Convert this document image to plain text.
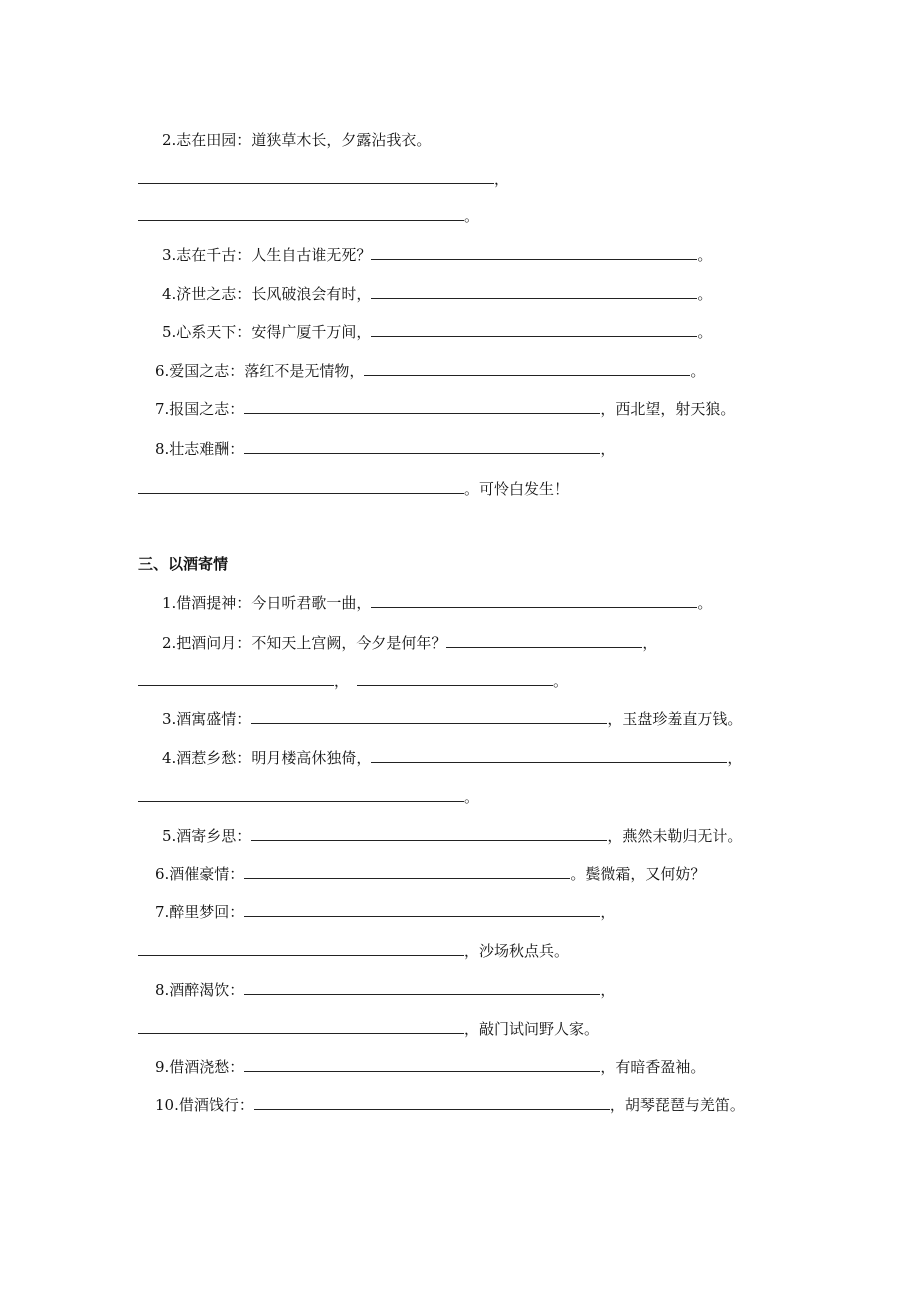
2.志在田园：道狭草木长，夕露沾我衣。
，
。
3.志在千古：人生自古谁无死？	。
4.济世之志：长风破浪会有时，	。
5.心系天下：安得广厦千万间，	。
6.爱国之志：落红不是无情物，	。
7.报国之志：	，西北望，射天狼。
8.壮志难酬：	，
。可怜白发生！
三、以酒寄情
1.借酒提神：今日听君歌一曲，	。
2.把酒问月：不知天上宫阙，今夕是何年？	，
，	。
3.酒寓盛情：	，玉盘珍羞直万钱。
4.酒惹乡愁：明月楼高休独倚，	，
。
5.酒寄乡思：	，燕然未勒归无计。
6.酒催豪情：	。鬓微霜，又何妨？
7.醉里梦回：	，
，沙场秋点兵。
8.酒醉渴饮：	，
，敲门试问野人家。
9.借酒浇愁：	，有暗香盈袖。
10.借酒饯行：	，胡琴琵琶与羌笛。
